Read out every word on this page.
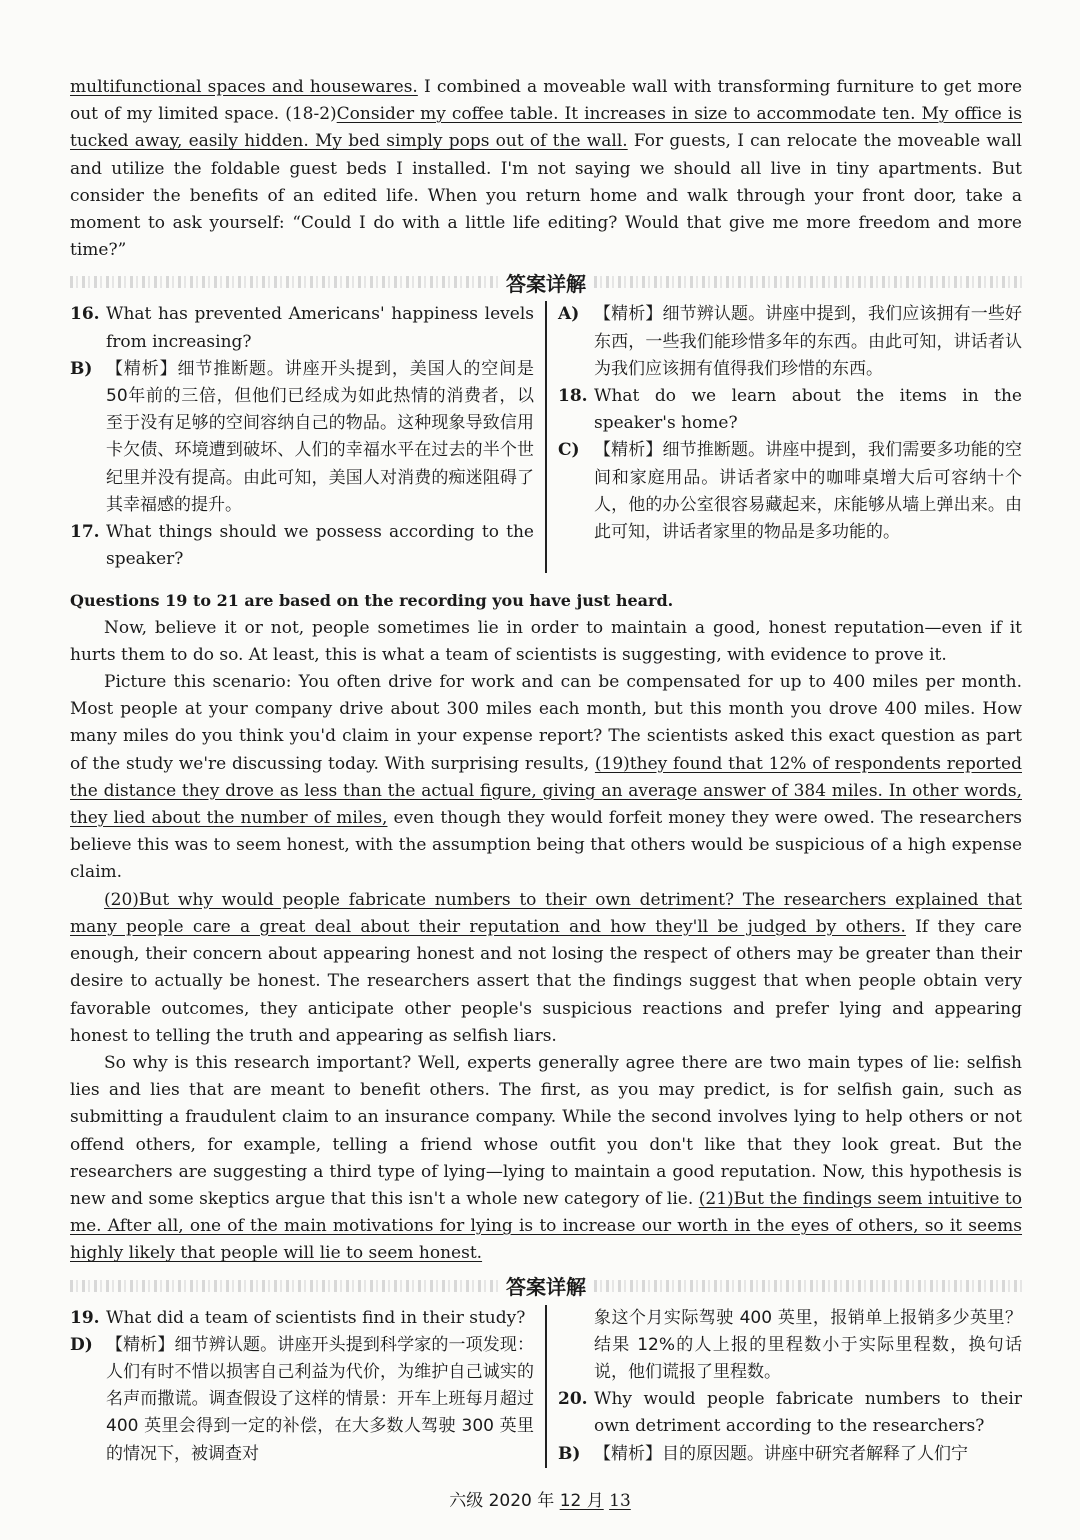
multifunctional spaces and housewares. I combined a moveable wall with transforming furniture to get more out of my limited space. (18-2)Consider my coffee table. It increases in size to accommodate ten. My office is tucked away, easily hidden. My bed simply pops out of the wall. For guests, I can relocate the moveable wall and utilize the foldable guest beds I installed. I'm not saying we should all live in tiny apartments. But consider the benefits of an edited life. When you return home and walk through your front door, take a moment to ask yourself: “Could I do with a little life editing? Would that give me more freedom and more time?”
答案详解
16. What has prevented Americans' happiness levels from increasing?
B) 【精析】细节推断题。讲座开头提到，美国人的空间是50年前的三倍，但他们已经成为如此热情的消费者，以至于没有足够的空间容纳自己的物品。这种现象导致信用卡欠债、环境遭到破坏、人们的幸福水平在过去的半个世纪里并没有提高。由此可知，美国人对消费的痴迷阻碍了其幸福感的提升。
17. What things should we possess according to the speaker?
A) 【精析】细节辨认题。讲座中提到，我们应该拥有一些好东西，一些我们能珍惜多年的东西。由此可知，讲话者认为我们应该拥有值得我们珍惜的东西。
18. What do we learn about the items in the speaker's home?
C) 【精析】细节推断题。讲座中提到，我们需要多功能的空间和家庭用品。讲话者家中的咖啡桌增大后可容纳十个人，他的办公室很容易藏起来，床能够从墙上弹出来。由此可知，讲话者家里的物品是多功能的。
Questions 19 to 21 are based on the recording you have just heard.

Now, believe it or not, people sometimes lie in order to maintain a good, honest reputation—even if it hurts them to do so. At least, this is what a team of scientists is suggesting, with evidence to prove it.

Picture this scenario: You often drive for work and can be compensated for up to 400 miles per month. Most people at your company drive about 300 miles each month, but this month you drove 400 miles. How many miles do you think you'd claim in your expense report? The scientists asked this exact question as part of the study we're discussing today. With surprising results, (19)they found that 12% of respondents reported the distance they drove as less than the actual figure, giving an average answer of 384 miles. In other words, they lied about the number of miles, even though they would forfeit money they were owed. The researchers believe this was to seem honest, with the assumption being that others would be suspicious of a high expense claim.

(20)But why would people fabricate numbers to their own detriment? The researchers explained that many people care a great deal about their reputation and how they'll be judged by others. If they care enough, their concern about appearing honest and not losing the respect of others may be greater than their desire to actually be honest. The researchers assert that the findings suggest that when people obtain very favorable outcomes, they anticipate other people's suspicious reactions and prefer lying and appearing honest to telling the truth and appearing as selfish liars.

So why is this research important? Well, experts generally agree there are two main types of lie: selfish lies and lies that are meant to benefit others. The first, as you may predict, is for selfish gain, such as submitting a fraudulent claim to an insurance company. While the second involves lying to help others or not offend others, for example, telling a friend whose outfit you don't like that they look great. But the researchers are suggesting a third type of lying—lying to maintain a good reputation. Now, this hypothesis is new and some skeptics argue that this isn't a whole new category of lie. (21)But the findings seem intuitive to me. After all, one of the main motivations for lying is to increase our worth in the eyes of others, so it seems highly likely that people will lie to seem honest.

答案详解
19. What did a team of scientists find in their study?
D) 【精析】细节辨认题。讲座开头提到科学家的一项发现：人们有时不惜以损害自己利益为代价，为维护自己诚实的名声而撒谎。调查假设了这样的情景：开车上班每月超过 400 英里会得到一定的补偿，在大多数人驾驶 300 英里的情况下，被调查对
象这个月实际驾驶 400 英里，报销单上报销多少英里？结果 12%的人上报的里程数小于实际里程数，换句话说，他们谎报了里程数。
20. Why would people fabricate numbers to their own detriment according to the researchers?
B) 【精析】目的原因题。讲座中研究者解释了人们宁
六级 2020 年 12 月 13
